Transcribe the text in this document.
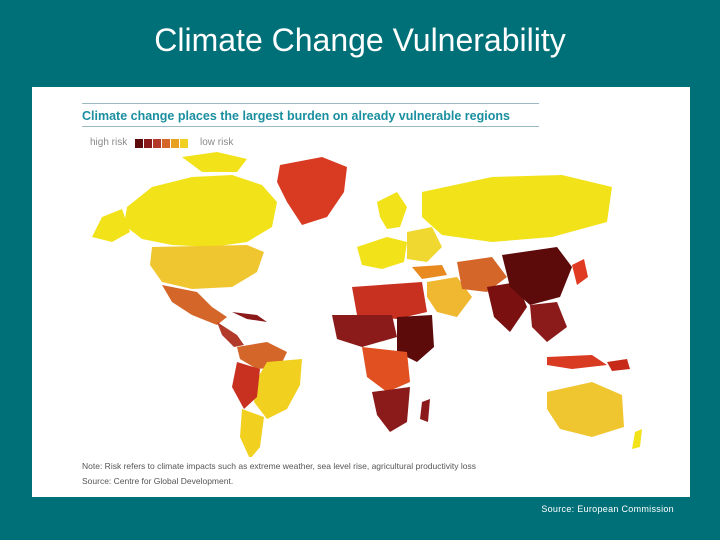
Climate Change Vulnerability
Climate change places the largest burden on already vulnerable regions
high risk	low risk
Note: Risk refers to climate impacts such as extreme weather, sea level rise, agricultural productivity loss
Source: Centre for Global Development.
Source: European Commission
